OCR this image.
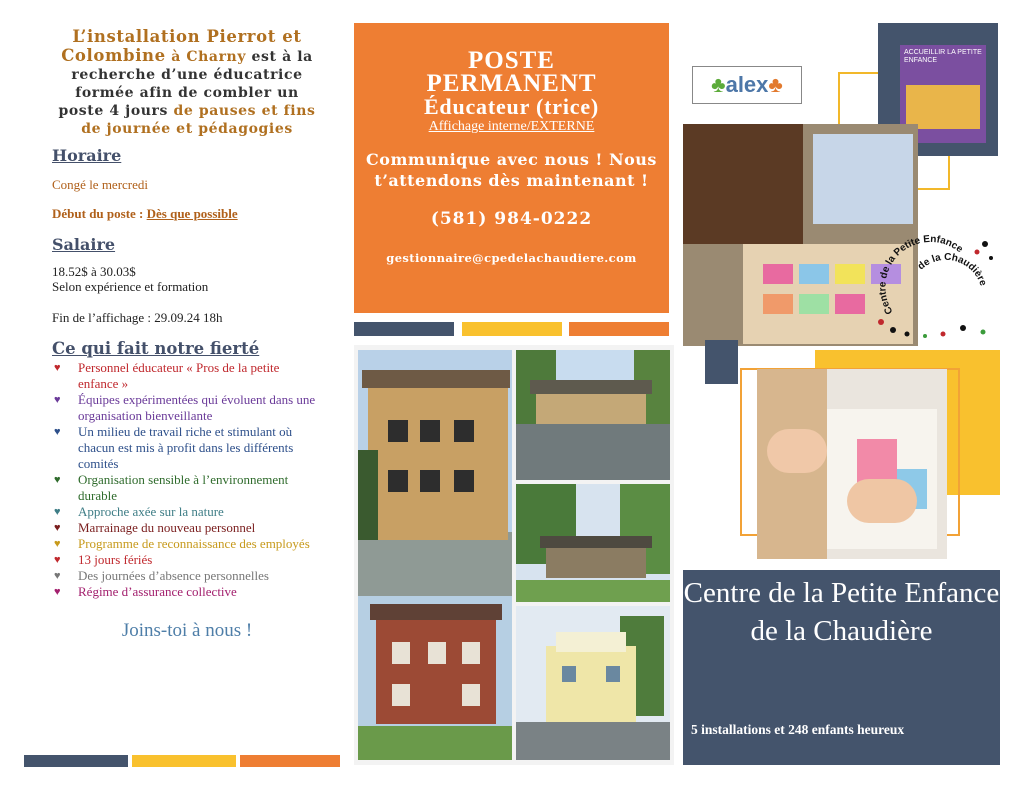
L’installation Pierrot et Colombine à Charny est à la recherche d’une éducatrice formée afin de combler un poste 4 jours de pauses et fins de journée et pédagogies
Horaire
Congé le mercredi
Début du poste : Dès que possible
Salaire
18.52$ à 30.03$
Selon expérience et formation
Fin de l’affichage : 29.09.24 18h
Ce qui fait notre fierté
♥ Personnel éducateur « Pros de la petite enfance »
♥ Équipes expérimentées qui évoluent dans une organisation bienveillante
♥ Un milieu de travail riche et stimulant où chacun est mis à profit dans les différents comités
♥ Organisation sensible à l’environnement durable
♥ Approche axée sur la nature
♥ Marrainage du nouveau personnel
♥ Programme de reconnaissance des employés
♥ 13 jours fériés
♥ Des journées d’absence personnelles
♥ Régime d’assurance collective
Joins-toi à nous !
POSTE
PERMANENT
Éducateur (trice)
Affichage interne/EXTERNE
Communique avec nous ! Nous t’attendons dès maintenant !
(581) 984-0222
gestionnaire@cpedelachaudiere.com
ACCUEILLIR LA PETITE ENFANCE
♣alex♣
Centre de la Petite Enfance
de la Chaudière
Centre de la Petite Enfance de la Chaudière
5 installations et 248 enfants heureux
